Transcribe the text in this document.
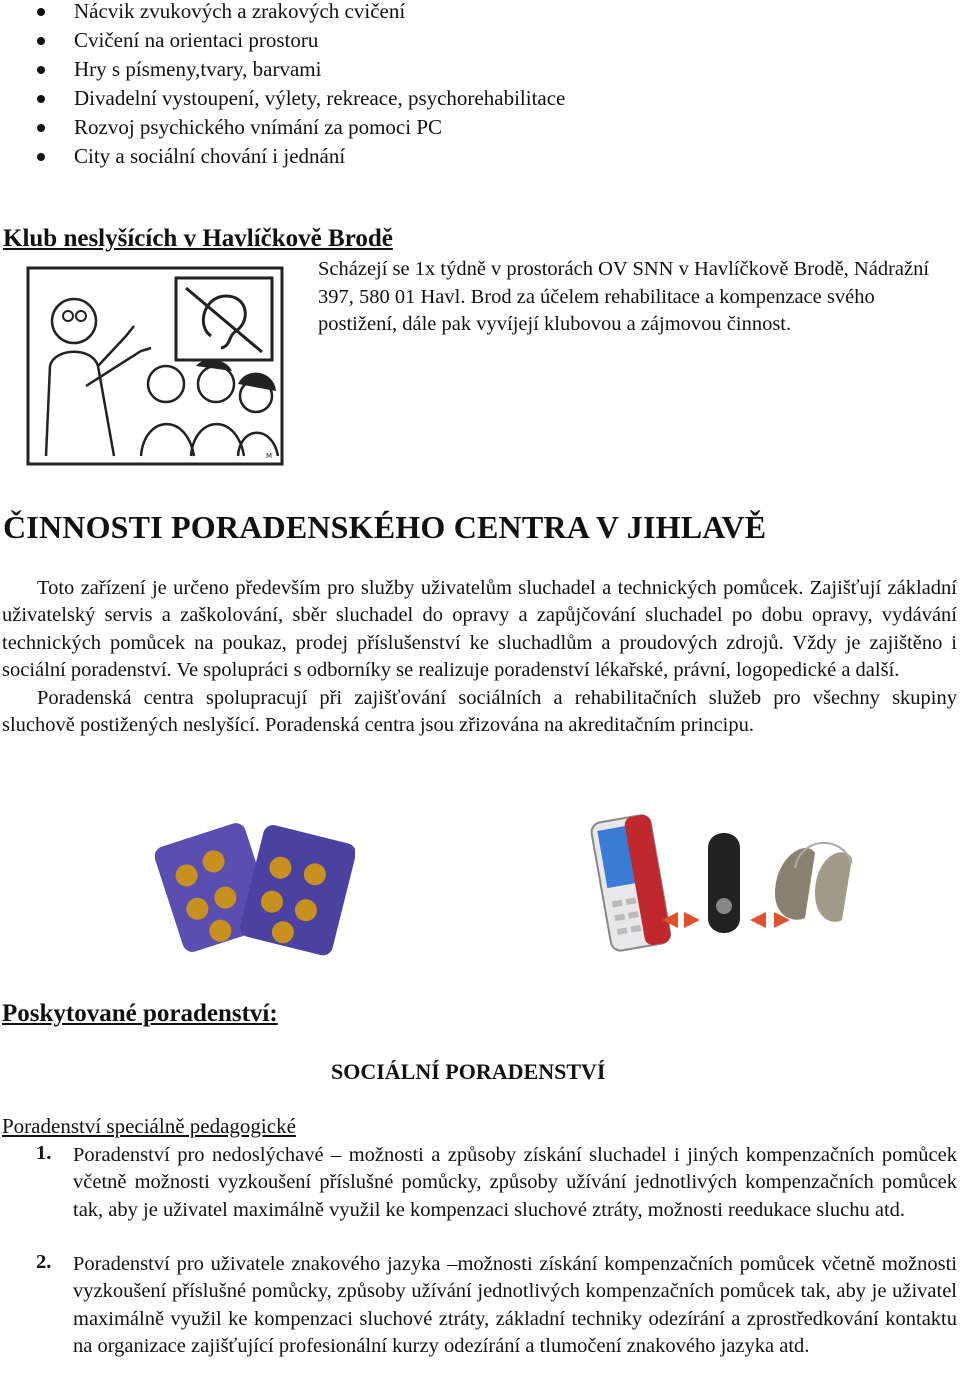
Nácvik zvukových a zrakových cvičení
Cvičení na orientaci prostoru
Hry s písmeny,tvary, barvami
Divadelní vystoupení, výlety, rekreace, psychorehabilitace
Rozvoj psychického vnímání za pomoci PC
City a sociální chování i jednání
Klub neslyšících v Havlíčkově Brodě
M
Scházejí se 1x týdně v prostorách OV SNN v Havlíčkově Brodě, Nádražní 397, 580 01 Havl. Brod za účelem rehabilitace a kompenzace svého postižení, dále pak vyvíjejí klubovou a zájmovou činnost.
ČINNOSTI PORADENSKÉHO CENTRA V JIHLAVĚ

Toto zařízení je určeno především pro služby uživatelům sluchadel a technických pomůcek. Zajišťují základní uživatelský servis a zaškolování, sběr sluchadel do opravy a zapůjčování sluchadel po dobu opravy, vydávání technických pomůcek na poukaz, prodej příslušenství ke sluchadlům a proudových zdrojů. Vždy je zajištěno i sociální poradenství. Ve spolupráci s odborníky se realizuje poradenství lékařské, právní, logopedické a další.

Poradenská centra spolupracují při zajišťování sociálních a rehabilitačních služeb pro všechny skupiny sluchově postižených neslyšící. Poradenská centra jsou zřizována na akreditačním principu.

Poskytované poradenství:
SOCIÁLNÍ PORADENSTVÍ
Poradenství speciálně pedagogické
1. Poradenství pro nedoslýchavé – možnosti a způsoby získání sluchadel i jiných kompenzačních pomůcek včetně možnosti vyzkoušení příslušné pomůcky, způsoby užívání jednotlivých kompenzačních pomůcek tak, aby je uživatel maximálně využil ke kompenzaci sluchové ztráty, možnosti reedukace sluchu atd.
2. Poradenství pro uživatele znakového jazyka –možnosti získání kompenzačních pomůcek včetně možnosti vyzkoušení příslušné pomůcky, způsoby užívání jednotlivých kompenzačních pomůcek tak, aby je uživatel maximálně využil ke kompenzaci sluchové ztráty, základní techniky odezírání a zprostředkování kontaktu na organizace zajišťující profesionální kurzy odezírání a tlumočení znakového jazyka atd.
